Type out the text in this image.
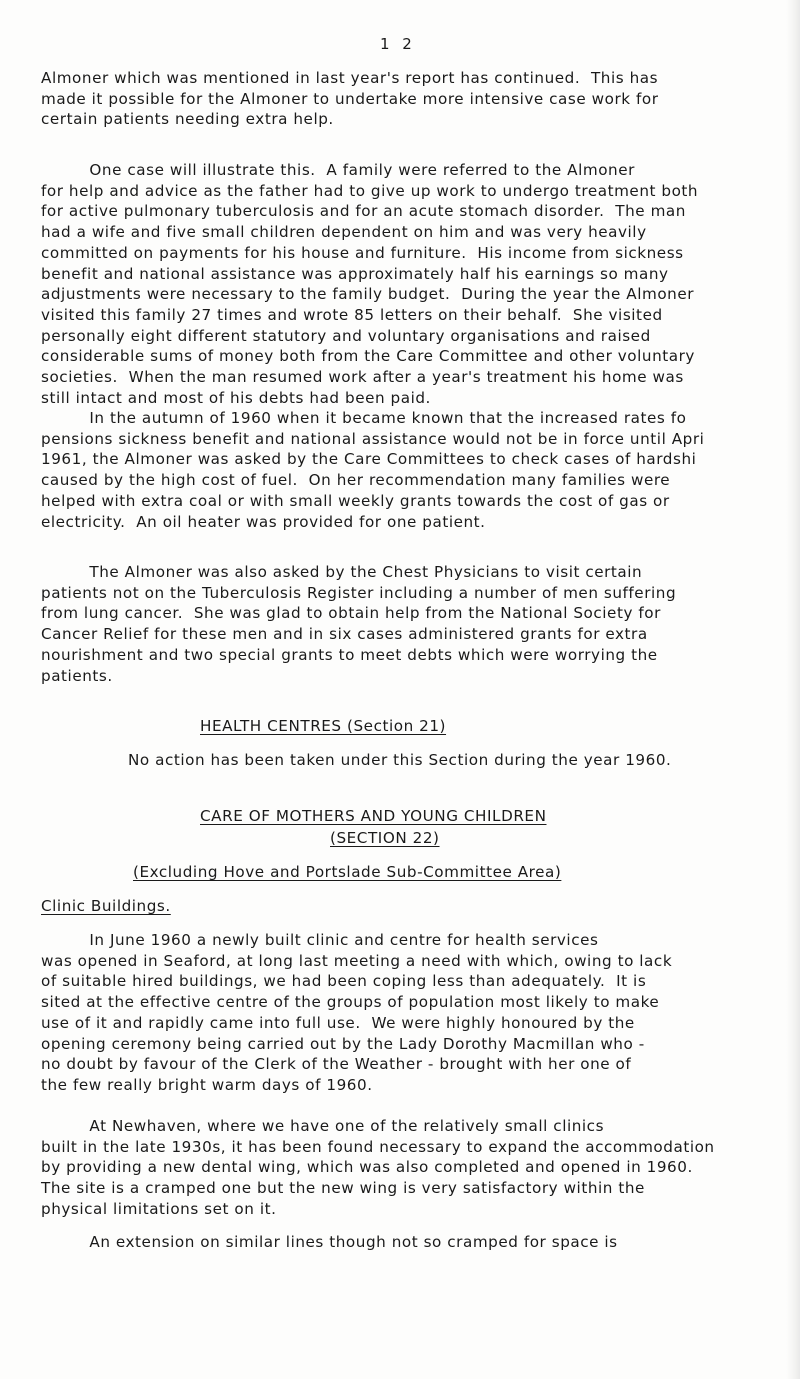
1 2

Almoner which was mentioned in last year's report has continued.  This has
made it possible for the Almoner to undertake more intensive case work for
certain patients needing extra help.

One case will illustrate this.  A family were referred to the Almoner
for help and advice as the father had to give up work to undergo treatment both
for active pulmonary tuberculosis and for an acute stomach disorder.  The man
had a wife and five small children dependent on him and was very heavily
committed on payments for his house and furniture.  His income from sickness
benefit and national assistance was approximately half his earnings so many
adjustments were necessary to the family budget.  During the year the Almoner
visited this family 27 times and wrote 85 letters on their behalf.  She visited
personally eight different statutory and voluntary organisations and raised
considerable sums of money both from the Care Committee and other voluntary
societies.  When the man resumed work after a year's treatment his home was
still intact and most of his debts had been paid.

In the autumn of 1960 when it became known that the increased rates fo
pensions sickness benefit and national assistance would not be in force until Apri
1961, the Almoner was asked by the Care Committees to check cases of hardshi
caused by the high cost of fuel.  On her recommendation many families were
helped with extra coal or with small weekly grants towards the cost of gas or
electricity.  An oil heater was provided for one patient.

The Almoner was also asked by the Chest Physicians to visit certain
patients not on the Tuberculosis Register including a number of men suffering
from lung cancer.  She was glad to obtain help from the National Society for
Cancer Relief for these men and in six cases administered grants for extra
nourishment and two special grants to meet debts which were worrying the
patients.

HEALTH CENTRES (Section 21)

No action has been taken under this Section during the year 1960.

CARE OF MOTHERS AND YOUNG CHILDREN
(SECTION 22)
(Excluding Hove and Portslade Sub-Committee Area)
Clinic Buildings.

In June 1960 a newly built clinic and centre for health services
was opened in Seaford, at long last meeting a need with which, owing to lack
of suitable hired buildings, we had been coping less than adequately.  It is
sited at the effective centre of the groups of population most likely to make
use of it and rapidly came into full use.  We were highly honoured by the
opening ceremony being carried out by the Lady Dorothy Macmillan who -
no doubt by favour of the Clerk of the Weather - brought with her one of
the few really bright warm days of 1960.

At Newhaven, where we have one of the relatively small clinics
built in the late 1930s, it has been found necessary to expand the accommodation
by providing a new dental wing, which was also completed and opened in 1960.
The site is a cramped one but the new wing is very satisfactory within the
physical limitations set on it.

An extension on similar lines though not so cramped for space is
